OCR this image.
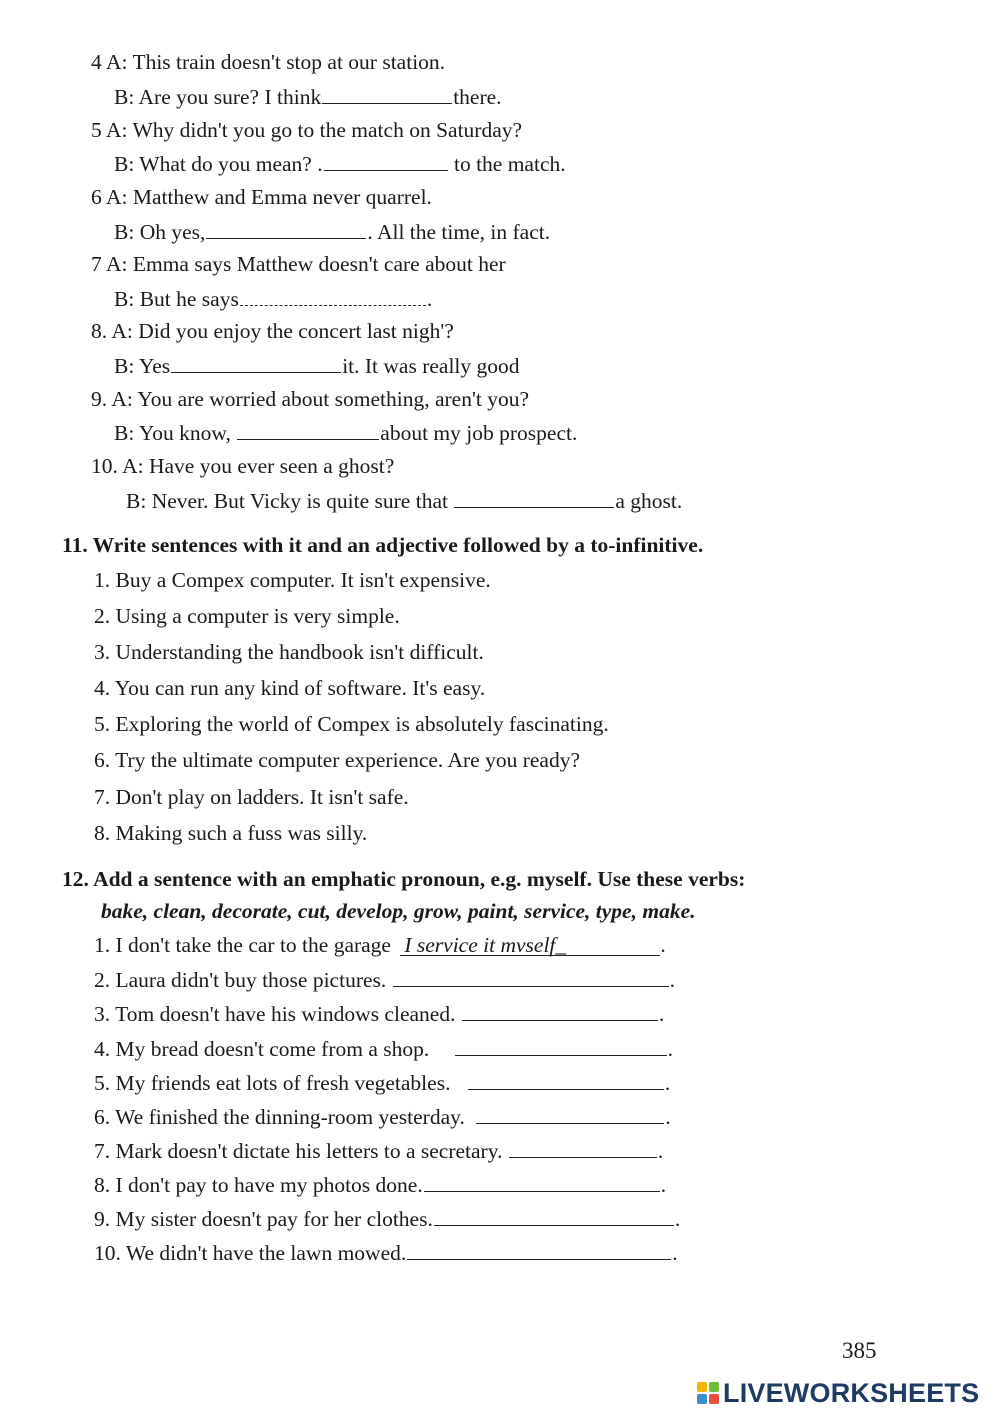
4 A: This train doesn't stop at our station.
B: Are you sure? I think	there.
5 A: Why didn't you go to the match on Saturday?
B: What do you mean? .	to the match.
6 A: Matthew and Emma never quarrel.
B: Oh yes,	. All the time, in fact.
7 A: Emma says Matthew doesn't care about her
B: But he says	.
8. A: Did you enjoy the concert last nigh'?
B: Yes	it. It was really good
9. A: You are worried about something, aren't you?
B: You know,	about my job prospect.
10. A: Have you ever seen a ghost?
B: Never. But Vicky is quite sure that	a ghost.
11. Write sentences with it and an adjective followed by a to-infinitive.
1. Buy a Compex computer. It isn't expensive.
2. Using a computer is very simple.
3. Understanding the handbook isn't difficult.
4. You can run any kind of software. It's easy.
5. Exploring the world of Compex is absolutely fascinating.
6. Try the ultimate computer experience. Are you ready?
7. Don't play on ladders. It isn't safe.
8. Making such a fuss was silly.
12. Add a sentence with an emphatic pronoun, e.g. myself. Use these verbs:
bake, clean, decorate, cut, develop, grow, paint, service, type, make.
1. I don't take the car to the garage I service it mvself_	.
2. Laura didn't buy those pictures.	.
3. Tom doesn't have his windows cleaned.	.
4. My bread doesn't come from a shop.	.
5. My friends eat lots of fresh vegetables.	.
6. We finished the dinning-room yesterday.	.
7. Mark doesn't dictate his letters to a secretary.	.
8. I don't pay to have my photos done.	.
9. My sister doesn't pay for her clothes.	.
10. We didn't have the lawn mowed.	.
385
LIVEWORKSHEETS
